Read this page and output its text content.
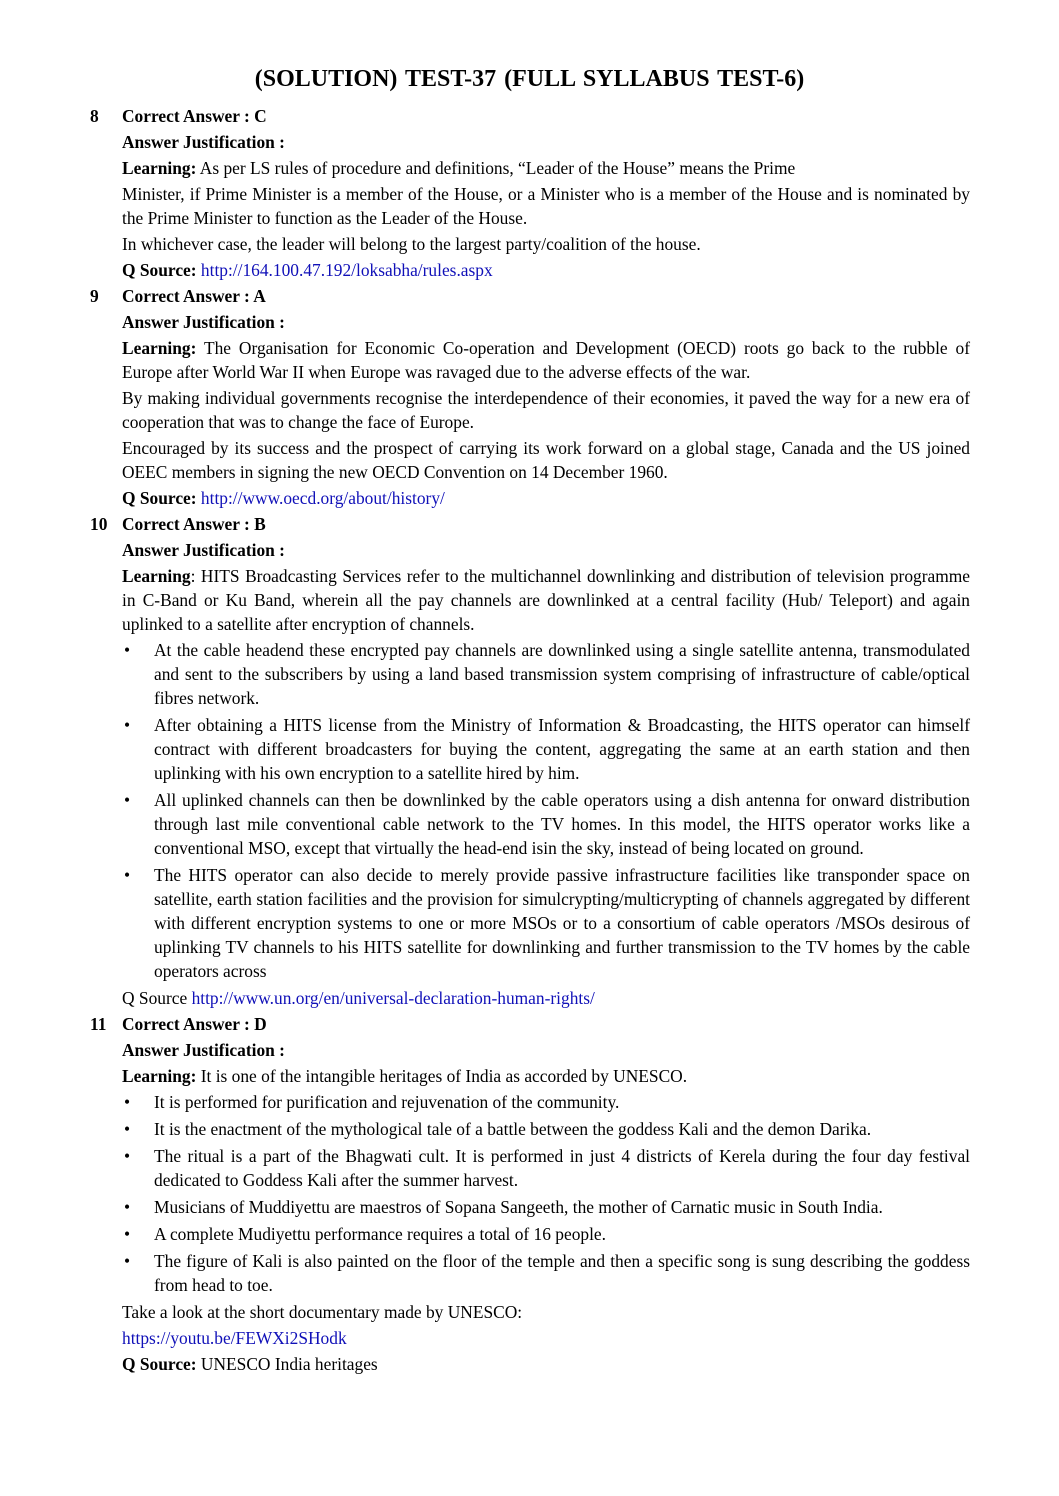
(SOLUTION) TEST-37 (FULL SYLLABUS TEST-6)
8 Correct Answer : C
Answer Justification :
Learning: As per LS rules of procedure and definitions, “Leader of the House” means the Prime
Minister, if Prime Minister is a member of the House, or a Minister who is a member of the House and is nominated by the Prime Minister to function as the Leader of the House.
In whichever case, the leader will belong to the largest party/coalition of the house.
Q Source: http://164.100.47.192/loksabha/rules.aspx
9 Correct Answer : A
Answer Justification :
Learning: The Organisation for Economic Co-operation and Development (OECD) roots go back to the rubble of Europe after World War II when Europe was ravaged due to the adverse effects of the war.
By making individual governments recognise the interdependence of their economies, it paved the way for a new era of cooperation that was to change the face of Europe.
Encouraged by its success and the prospect of carrying its work forward on a global stage, Canada and the US joined OEEC members in signing the new OECD Convention on 14 December 1960.
Q Source: http://www.oecd.org/about/history/
10 Correct Answer : B
Answer Justification :
Learning: HITS Broadcasting Services refer to the multichannel downlinking and distribution of television programme in C-Band or Ku Band, wherein all the pay channels are downlinked at a central facility (Hub/ Teleport) and again uplinked to a satellite after encryption of channels.
• At the cable headend these encrypted pay channels are downlinked using a single satellite antenna, transmodulated and sent to the subscribers by using a land based transmission system comprising of infrastructure of cable/optical fibres network.
• After obtaining a HITS license from the Ministry of Information & Broadcasting, the HITS operator can himself contract with different broadcasters for buying the content, aggregating the same at an earth station and then uplinking with his own encryption to a satellite hired by him.
• All uplinked channels can then be downlinked by the cable operators using a dish antenna for onward distribution through last mile conventional cable network to the TV homes. In this model, the HITS operator works like a conventional MSO, except that virtually the head-end isin the sky, instead of being located on ground.
• The HITS operator can also decide to merely provide passive infrastructure facilities like transponder space on satellite, earth station facilities and the provision for simulcrypting/multicrypting of channels aggregated by different with different encryption systems to one or more MSOs or to a consortium of cable operators /MSOs desirous of uplinking TV channels to his HITS satellite for downlinking and further transmission to the TV homes by the cable operators across
Q Source http://www.un.org/en/universal-declaration-human-rights/
11 Correct Answer : D
Answer Justification :
Learning: It is one of the intangible heritages of India as accorded by UNESCO.
• It is performed for purification and rejuvenation of the community.
• It is the enactment of the mythological tale of a battle between the goddess Kali and the demon Darika.
• The ritual is a part of the Bhagwati cult. It is performed in just 4 districts of Kerela during the four day festival dedicated to Goddess Kali after the summer harvest.
• Musicians of Muddiyettu are maestros of Sopana Sangeeth, the mother of Carnatic music in South India.
• A complete Mudiyettu performance requires a total of 16 people.
• The figure of Kali is also painted on the floor of the temple and then a specific song is sung describing the goddess from head to toe.
Take a look at the short documentary made by UNESCO:
https://youtu.be/FEWXi2SHodk
Q Source: UNESCO India heritages
